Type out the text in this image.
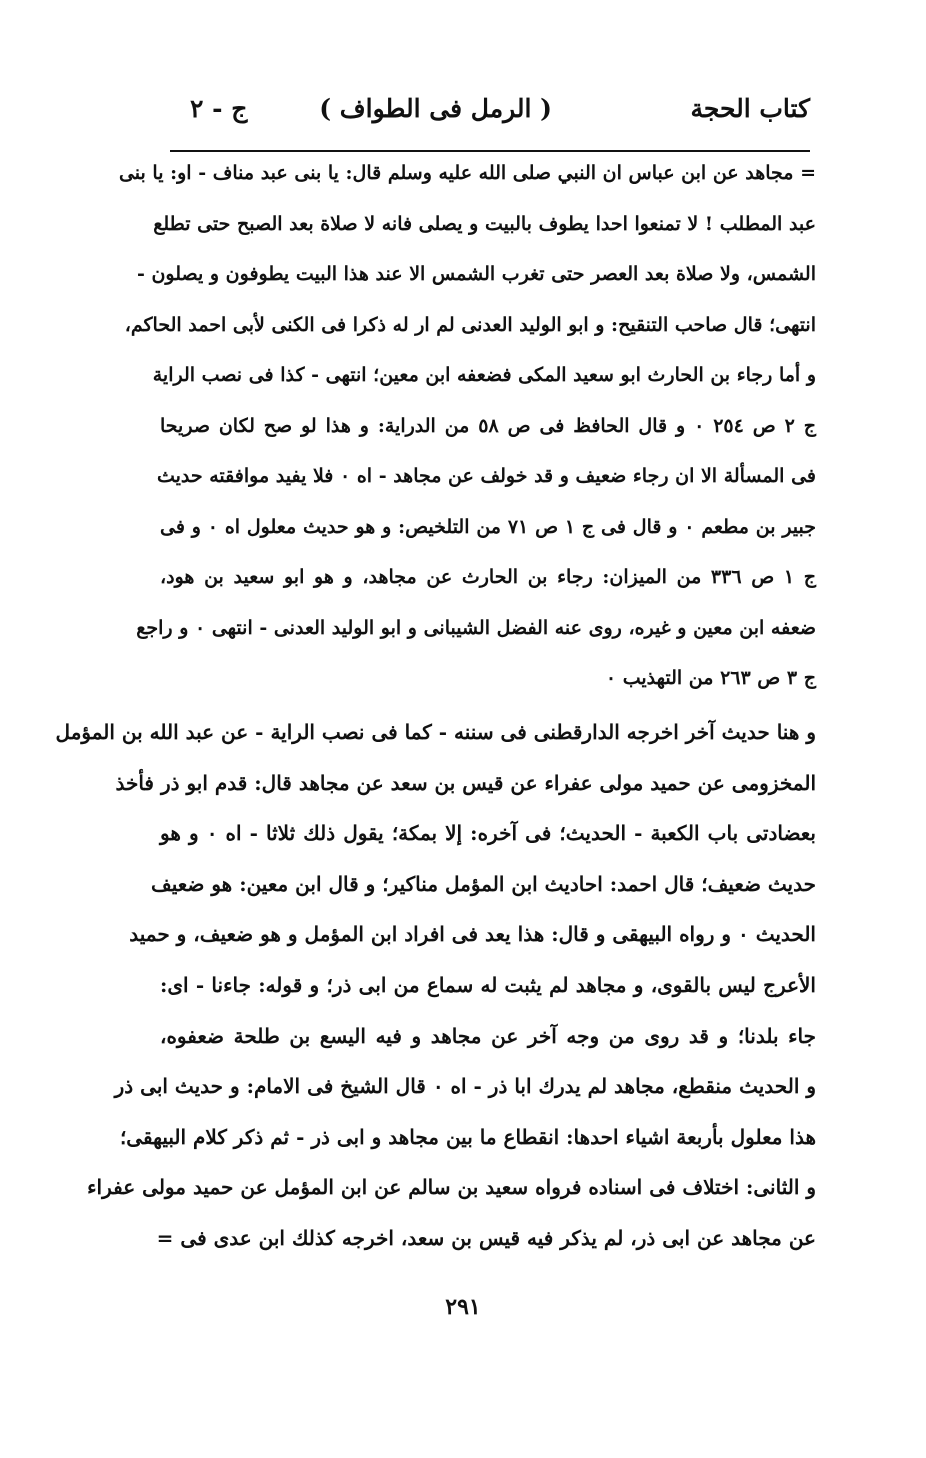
كتاب الحجة
( الرمل فى الطواف )
ج - ٢
= مجاهد عن ابن عباس ان النبي صلى الله عليه وسلم قال: يا بنى عبد مناف - او: يا بنى
عبد المطلب ! لا تمنعوا احدا يطوف بالبيت و يصلى فانه لا صلاة بعد الصبح حتى تطلع
الشمس، ولا صلاة بعد العصر حتى تغرب الشمس الا عند هذا البيت يطوفون و يصلون -
انتهى؛ قال صاحب التنقيح: و ابو الوليد العدنى لم ار له ذكرا فى الكنى لأبى احمد الحاكم،
و أما رجاء بن الحارث ابو سعيد المكى فضعفه ابن معين؛ انتهى - كذا فى نصب الراية
ج ٢ ص ٢٥٤ ٠ و قال الحافظ فى ص ٥٨ من الدراية: و هذا لو صح لكان صريحا
فى المسألة الا ان رجاء ضعيف و قد خولف عن مجاهد - اه ٠ فلا يفيد موافقته حديث
جبير بن مطعم ٠ و قال فى ج ١ ص ٧١ من التلخيص: و هو حديث معلول اه ٠ و فى
ج ١ ص ٣٣٦ من الميزان: رجاء بن الحارث عن مجاهد، و هو ابو سعيد بن هود،
ضعفه ابن معين و غيره، روى عنه الفضل الشيبانى و ابو الوليد العدنى - انتهى ٠ و راجع
ج ٣ ص ٢٦٣ من التهذيب ٠
و هنا حديث آخر اخرجه الدارقطنى فى سننه - كما فى نصب الراية - عن عبد الله بن المؤمل
المخزومى عن حميد مولى عفراء عن قيس بن سعد عن مجاهد قال: قدم ابو ذر فأخذ
بعضادتى باب الكعبة - الحديث؛ فى آخره: إلا بمكة؛ يقول ذلك ثلاثا - اه ٠ و هو
حديث ضعيف؛ قال احمد: احاديث ابن المؤمل مناكير؛ و قال ابن معين: هو ضعيف
الحديث ٠ و رواه البيهقى و قال: هذا يعد فى افراد ابن المؤمل و هو ضعيف، و حميد
الأعرج ليس بالقوى، و مجاهد لم يثبت له سماع من ابى ذر؛ و قوله: جاءنا - اى:
جاء بلدنا؛ و قد روى من وجه آخر عن مجاهد و فيه اليسع بن طلحة ضعفوه،
و الحديث منقطع، مجاهد لم يدرك ابا ذر - اه ٠ قال الشيخ فى الامام: و حديث ابى ذر
هذا معلول بأربعة اشياء احدها: انقطاع ما بين مجاهد و ابى ذر - ثم ذكر كلام البيهقى؛
و الثانى: اختلاف فى اسناده فرواه سعيد بن سالم عن ابن المؤمل عن حميد مولى عفراء
عن مجاهد عن ابى ذر، لم يذكر فيه قيس بن سعد، اخرجه كذلك ابن عدى فى =
٢٩١
